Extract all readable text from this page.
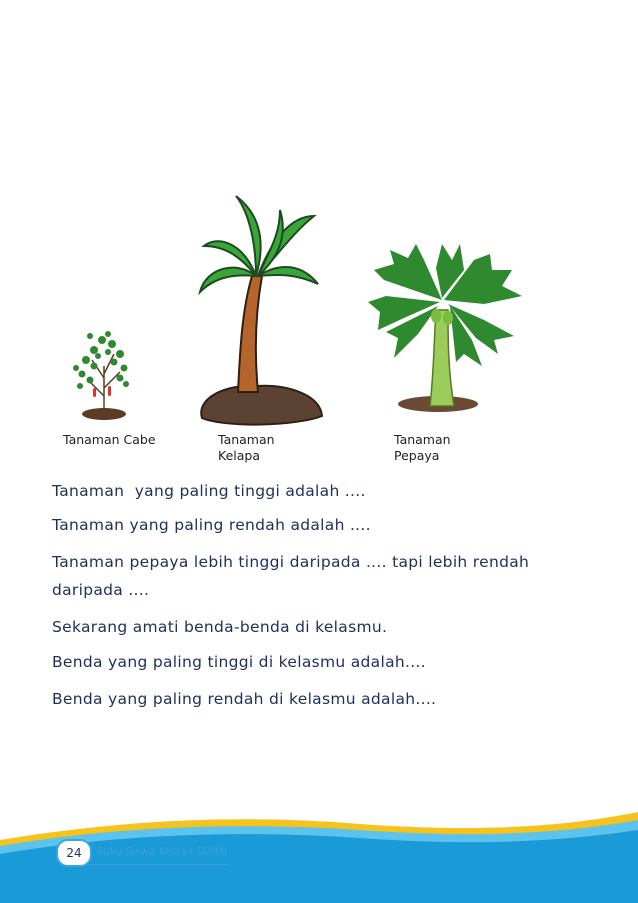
Tanaman Cabe	Tanaman
Kelapa
Tanaman
Pepaya
Tanaman  yang paling tinggi adalah ....
Tanaman yang paling rendah adalah ....
Tanaman pepaya lebih tinggi daripada .... tapi lebih rendah
daripada ....
Sekarang amati benda-benda di kelasmu.
Benda yang paling tinggi di kelasmu adalah....
Benda yang paling rendah di kelasmu adalah....
24	Buku Siswa Kelas I SD/MI
